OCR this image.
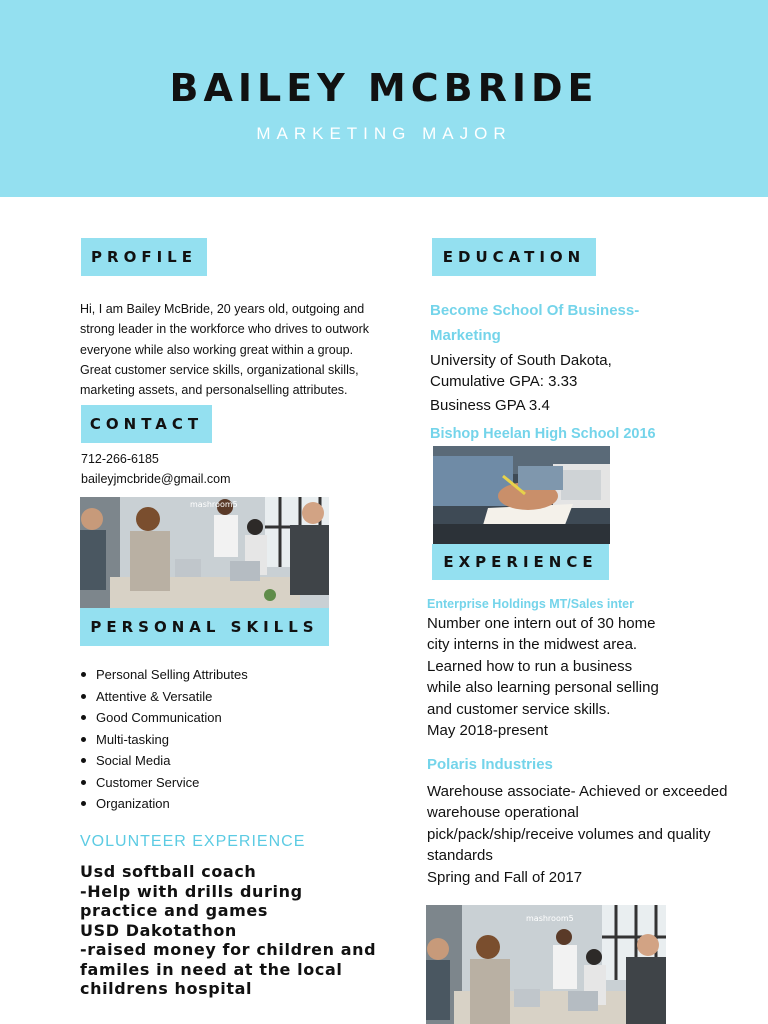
BAILEY MCBRIDE
MARKETING MAJOR
PROFILE
Hi, I am Bailey McBride, 20 years old, outgoing and
strong leader in the workforce who drives to outwork
everyone while also working great within a group.
Great customer service skills, organizational skills,
marketing assets, and personalselling attributes.
CONTACT
712-266-6185
baileyjmcbride@gmail.com
mashroom5
PERSONAL SKILLS
Personal Selling Attributes
Attentive & Versatile
Good Communication
Multi-tasking
Social Media
Customer Service
Organization
VOLUNTEER EXPERIENCE
Usd softball coach
-Help with drills during
practice and games
USD Dakotathon
-raised money for children and
familes in need at the local
childrens hospital
EDUCATION
Become School Of Business-
Marketing
University of South Dakota,
Cumulative GPA: 3.33
Business GPA 3.4
Bishop Heelan High School 2016
EXPERIENCE
Enterprise Holdings MT/Sales inter
Number one intern out of 30 home
city interns in the midwest area.
Learned how to run a business
while also learning personal selling
and customer service skills.
May 2018-present
Polaris Industries
Warehouse associate- Achieved or exceeded
warehouse operational
pick/pack/ship/receive volumes and quality
standards
Spring and Fall of 2017
mashroom5
